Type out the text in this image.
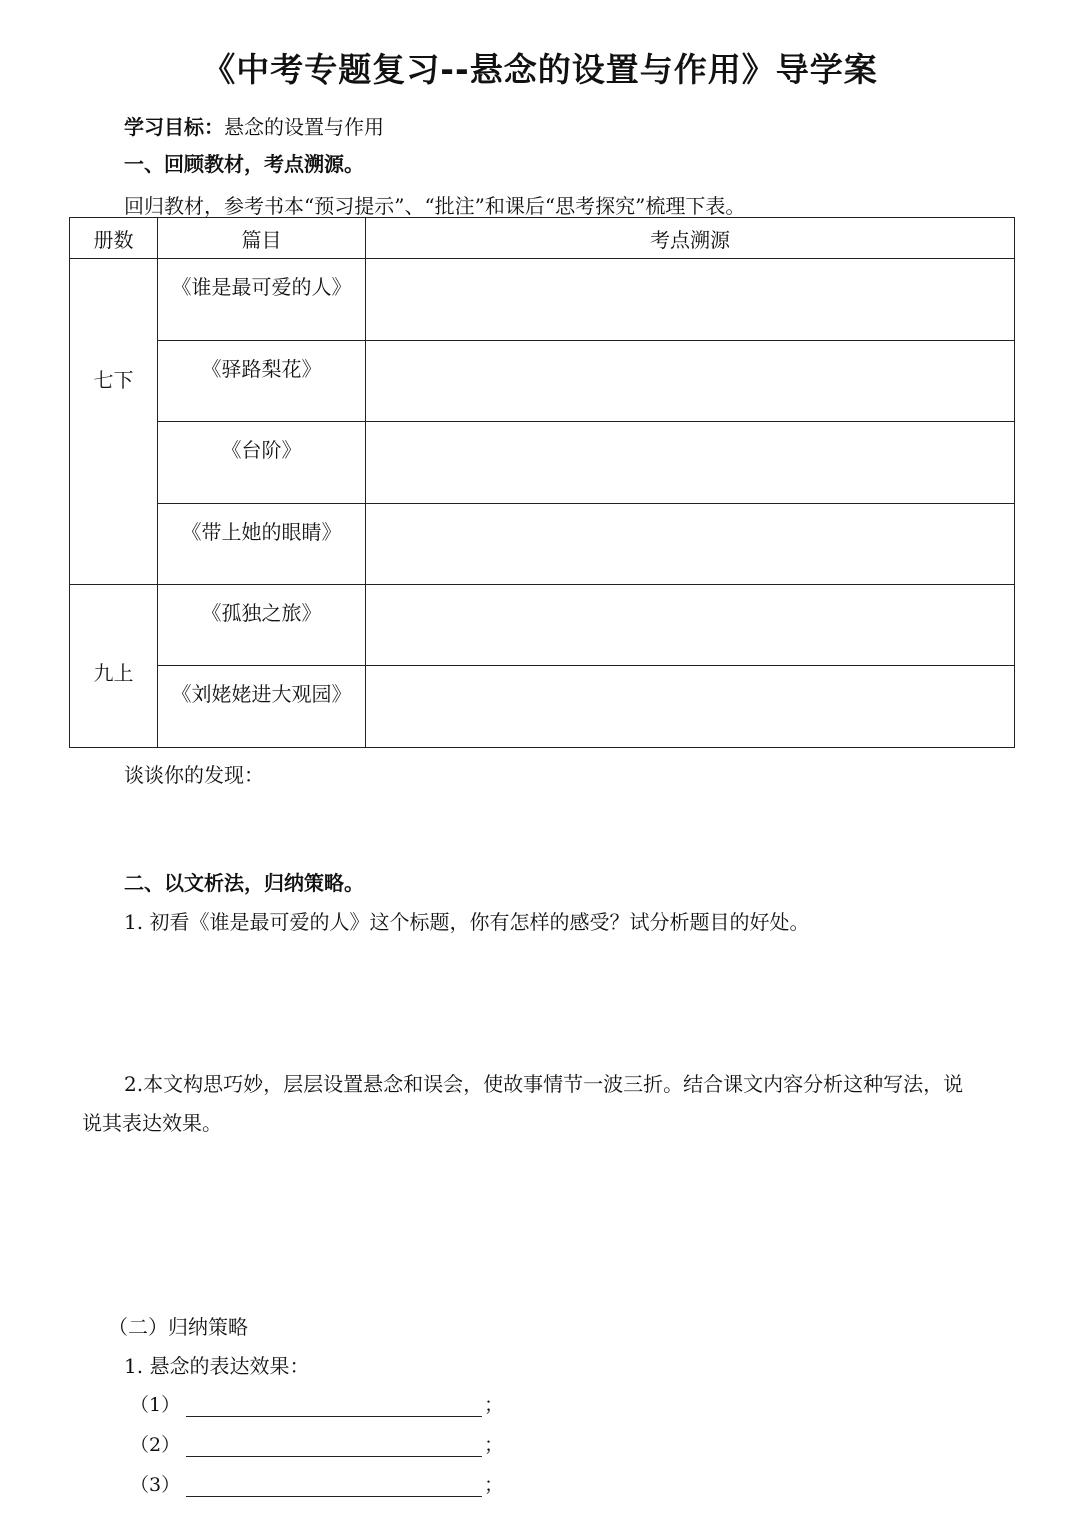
《中考专题复习--悬念的设置与作用》导学案
学习目标：悬念的设置与作用
一、回顾教材，考点溯源。
回归教材，参考书本“预习提示”、“批注”和课后“思考探究”梳理下表。
册数	篇目	考点溯源
七下	《谁是最可爱的人》	
	《驿路梨花》	
	《台阶》	
	《带上她的眼睛》	
九上	《孤独之旅》	
	《刘姥姥进大观园》	
谈谈你的发现：
二、以文析法，归纳策略。
1. 初看《谁是最可爱的人》这个标题，你有怎样的感受？试分析题目的好处。
2.本文构思巧妙，层层设置悬念和误会，使故事情节一波三折。结合课文内容分析这种写法，说
说其表达效果。
（二）归纳策略
1. 悬念的表达效果：
（1）	；
（2）	；
（3）	；
